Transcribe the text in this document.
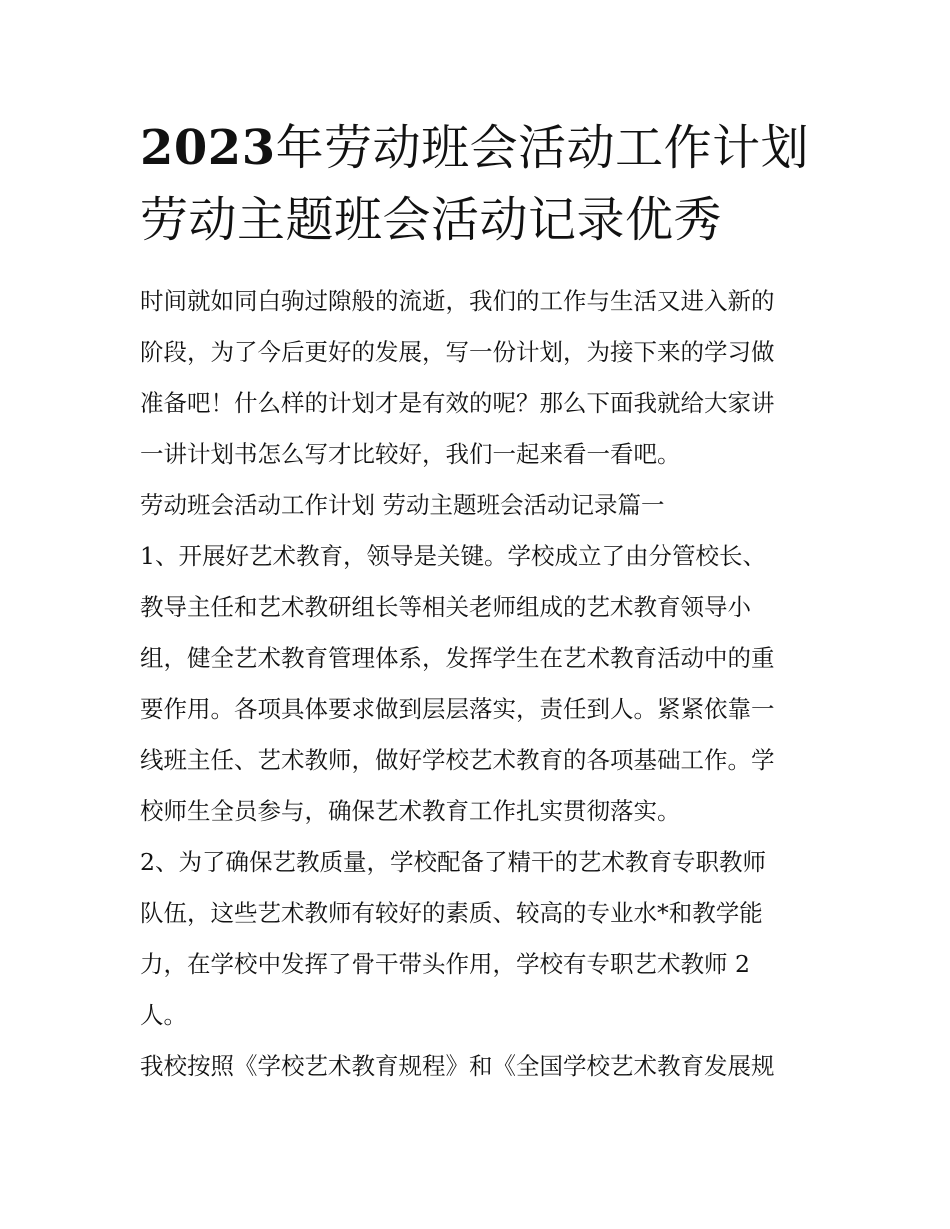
2023年劳动班会活动工作计划
劳动主题班会活动记录优秀
时间就如同白驹过隙般的流逝，我们的工作与生活又进入新的
阶段，为了今后更好的发展，写一份计划，为接下来的学习做
准备吧！什么样的计划才是有效的呢？那么下面我就给大家讲
一讲计划书怎么写才比较好，我们一起来看一看吧。
劳动班会活动工作计划 劳动主题班会活动记录篇一
1、开展好艺术教育，领导是关键。学校成立了由分管校长、
教导主任和艺术教研组长等相关老师组成的艺术教育领导小
组，健全艺术教育管理体系，发挥学生在艺术教育活动中的重
要作用。各项具体要求做到层层落实，责任到人。紧紧依靠一
线班主任、艺术教师，做好学校艺术教育的各项基础工作。学
校师生全员参与，确保艺术教育工作扎实贯彻落实。
2、为了确保艺教质量，学校配备了精干的艺术教育专职教师
队伍，这些艺术教师有较好的素质、较高的专业水*和教学能
力，在学校中发挥了骨干带头作用，学校有专职艺术教师 2
人。
我校按照《学校艺术教育规程》和《全国学校艺术教育发展规
